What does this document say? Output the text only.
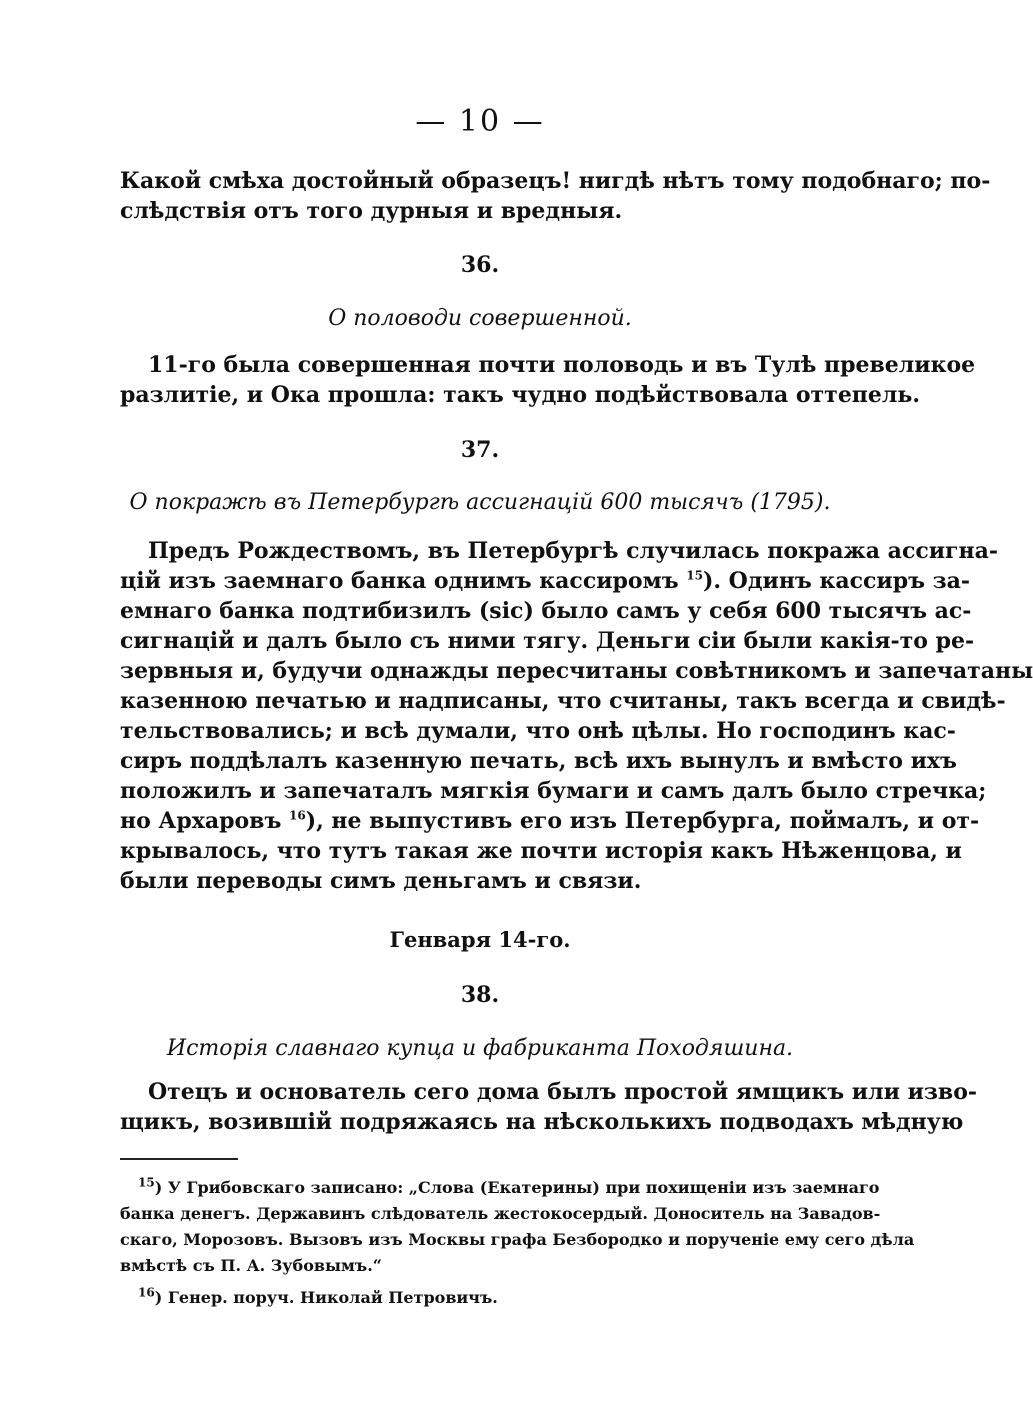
— 10 —
Какой смѣха достойный образецъ! нигдѣ нѣтъ тому подобнаго; по-
слѣдствія отъ того дурныя и вредныя.
36.
О половоди совершенной.
11-го была совершенная почти половодь и въ Тулѣ превеликое
разлитіе, и Ока прошла: такъ чудно подѣйствовала оттепель.
37.
О покражѣ въ Петербургѣ ассигнацій 600 тысячъ (1795).
Предъ Рождествомъ, въ Петербургѣ случилась покража ассигна-
цій изъ заемнаго банка однимъ кассиромъ $^{15}$). Одинъ кассиръ за-
емнаго банка подтибизилъ (sic) было самъ у себя 600 тысячъ ас-
сигнацій и далъ было съ ними тягу. Деньги сіи были какія-то ре-
зервныя и, будучи однажды пересчитаны совѣтникомъ и запечатаны
казенною печатью и надписаны, что считаны, такъ всегда и свидѣ-
тельствовались; и всѣ думали, что онѣ цѣлы. Но господинъ кас-
сиръ поддѣлалъ казенную печать, всѣ ихъ вынулъ и вмѣсто ихъ
положилъ и запечаталъ мягкія бумаги и самъ далъ было стречка;
но Архаровъ $^{16}$), не выпустивъ его изъ Петербурга, поймалъ, и от-
крывалось, что тутъ такая же почти исторія какъ Нѣженцова, и
были переводы симъ деньгамъ и связи.
Генваря 14-го.
38.
Исторія славнаго купца и фабриканта Походяшина.
Отецъ и основатель сего дома былъ простой ямщикъ или изво-
щикъ, возившій подряжаясь на нѣсколькихъ подводахъ мѣдную
$^{15}$) У Грибовскаго записано: „Слова (Екатерины) при похищеніи изъ заемнаго
банка денегъ. Державинъ слѣдователь жестокосердый. Доноситель на Завадов-
скаго, Морозовъ. Вызовъ изъ Москвы графа Безбородко и порученіе ему сего дѣла
вмѣстѣ съ П. А. Зубовымъ.“
$^{16}$) Генер. поруч. Николай Петровичъ.
